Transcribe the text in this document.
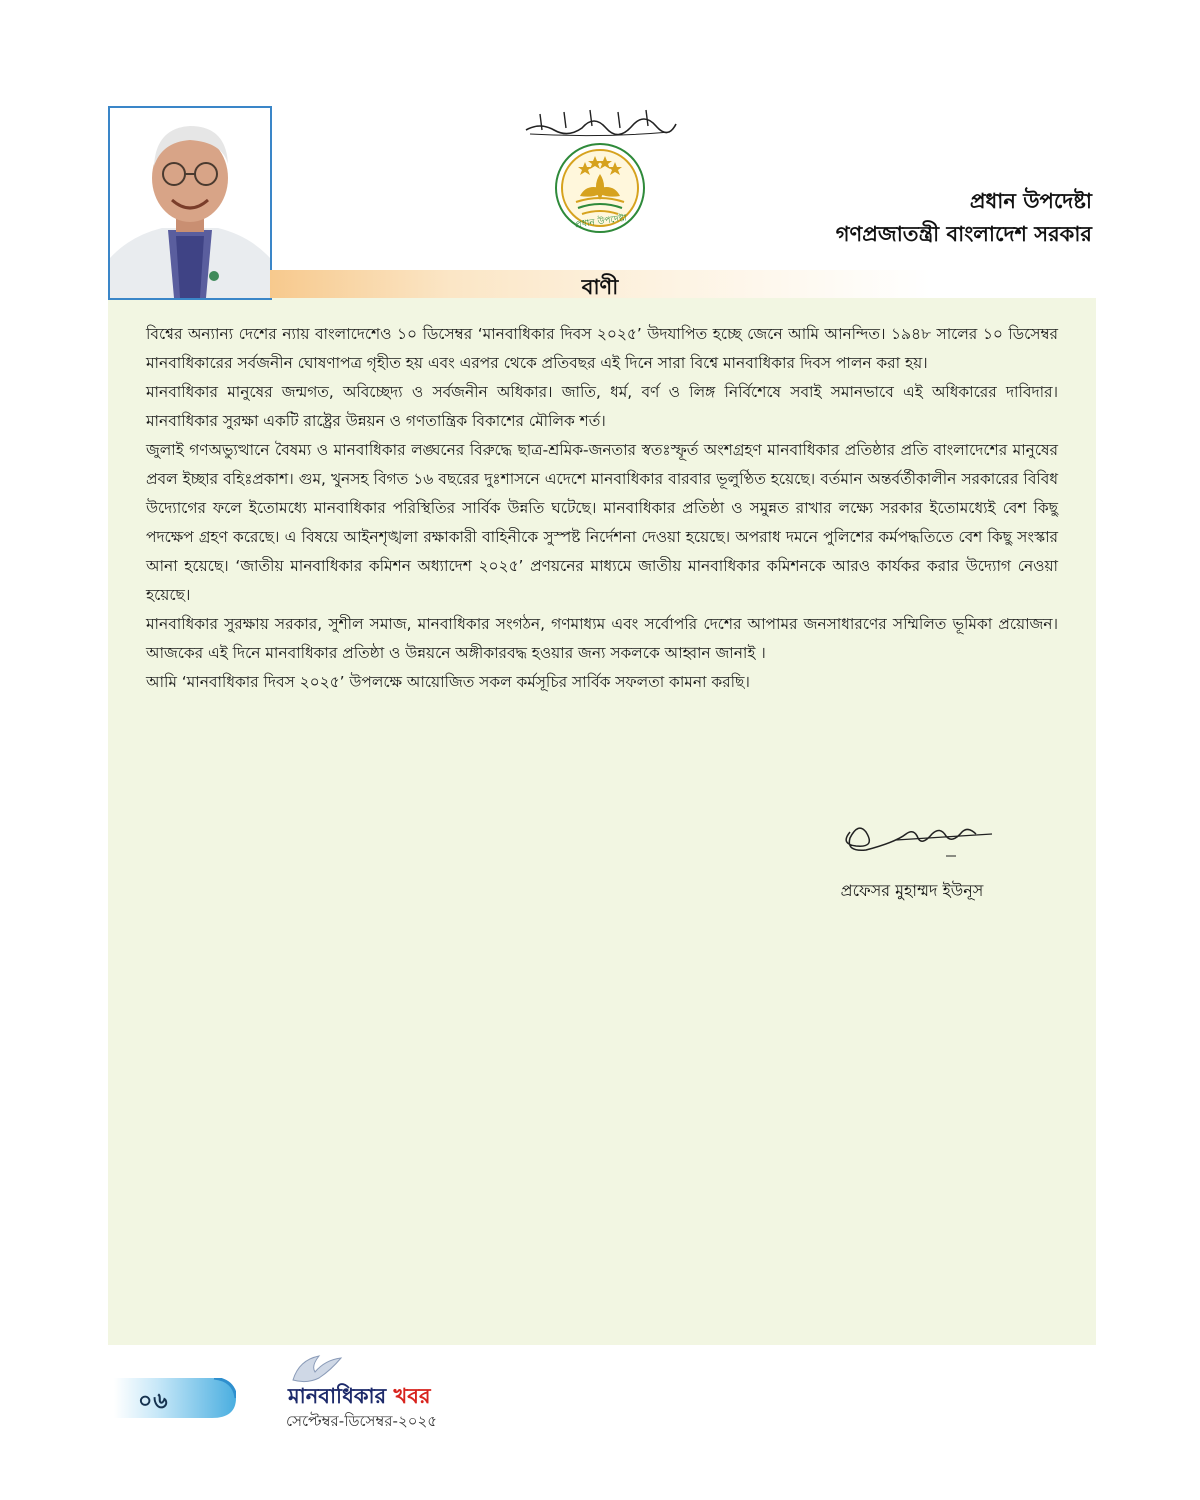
প্রধান উপদেষ্টা
প্রধান উপদেষ্টা
গণপ্রজাতন্ত্রী বাংলাদেশ সরকার
বাণী

বিশ্বের অন্যান্য দেশের ন্যায় বাংলাদেশেও ১০ ডিসেম্বর ‘মানবাধিকার দিবস ২০২৫’ উদযাপিত হচ্ছে জেনে আমি আনন্দিত। ১৯৪৮ সালের ১০ ডিসেম্বর মানবাধিকারের সর্বজনীন ঘোষণাপত্র গৃহীত হয় এবং এরপর থেকে প্রতিবছর এই দিনে সারা বিশ্বে মানবাধিকার দিবস পালন করা হয়।

মানবাধিকার মানুষের জন্মগত, অবিচ্ছেদ্য ও সর্বজনীন অধিকার। জাতি, ধর্ম, বর্ণ ও লিঙ্গ নির্বিশেষে সবাই সমানভাবে এই অধিকারের দাবিদার। মানবাধিকার সুরক্ষা একটি রাষ্ট্রের উন্নয়ন ও গণতান্ত্রিক বিকাশের মৌলিক শর্ত।

জুলাই গণঅভ্যুত্থানে বৈষম্য ও মানবাধিকার লঙ্ঘনের বিরুদ্ধে ছাত্র-শ্রমিক-জনতার স্বতঃস্ফূর্ত অংশগ্রহণ মানবাধিকার প্রতিষ্ঠার প্রতি বাংলাদেশের মানুষের প্রবল ইচ্ছার বহিঃপ্রকাশ। গুম, খুনসহ বিগত ১৬ বছরের দুঃশাসনে এদেশে মানবাধিকার বারবার ভূলুণ্ঠিত হয়েছে। বর্তমান অন্তর্বর্তীকালীন সরকারের বিবিধ উদ্যোগের ফলে ইতোমধ্যে মানবাধিকার পরিস্থিতির সার্বিক উন্নতি ঘটেছে। মানবাধিকার প্রতিষ্ঠা ও সমুন্নত রাখার লক্ষ্যে সরকার ইতোমধ্যেই বেশ কিছু পদক্ষেপ গ্রহণ করেছে। এ বিষয়ে আইনশৃঙ্খলা রক্ষাকারী বাহিনীকে সুস্পষ্ট নির্দেশনা দেওয়া হয়েছে। অপরাধ দমনে পুলিশের কর্মপদ্ধতিতে বেশ কিছু সংস্কার আনা হয়েছে। ‘জাতীয় মানবাধিকার কমিশন অধ্যাদেশ ২০২৫’ প্রণয়নের মাধ্যমে জাতীয় মানবাধিকার কমিশনকে আরও কার্যকর করার উদ্যোগ নেওয়া হয়েছে।

মানবাধিকার সুরক্ষায় সরকার, সুশীল সমাজ, মানবাধিকার সংগঠন, গণমাধ্যম এবং সর্বোপরি দেশের আপামর জনসাধারণের সম্মিলিত ভূমিকা প্রয়োজন। আজকের এই দিনে মানবাধিকার প্রতিষ্ঠা ও উন্নয়নে অঙ্গীকারবদ্ধ হওয়ার জন্য সকলকে আহ্বান জানাই ।

আমি ‘মানবাধিকার দিবস ২০২৫’ উপলক্ষে আয়োজিত সকল কর্মসূচির সার্বিক সফলতা কামনা করছি।

প্রফেসর মুহাম্মদ ইউনূস
০৬	মানবাধিকার খবর
সেপ্টেম্বর-ডিসেম্বর-২০২৫
